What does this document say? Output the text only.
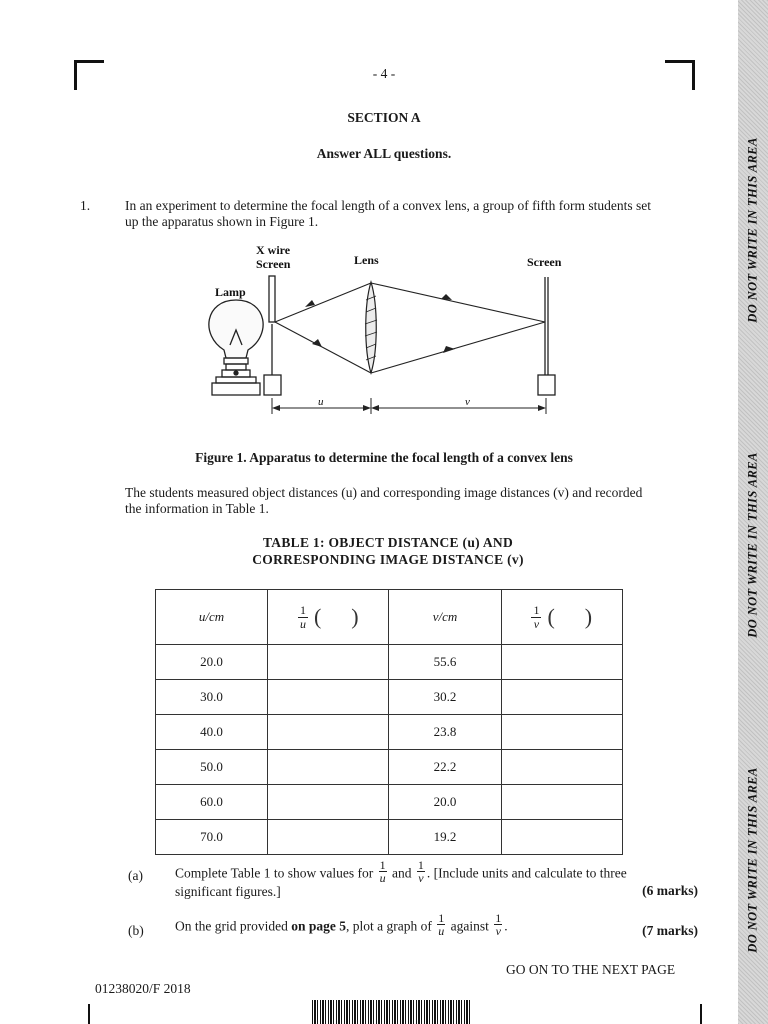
- 4 -
SECTION A
Answer ALL questions.
1.	In an experiment to determine the focal length of a convex lens, a group of fifth form students set
up the apparatus shown in Figure 1.
X wire
Screen	Lens	Screen
Lamp
u	v
Figure 1. Apparatus to determine the focal length of a convex lens
The students measured object distances (u) and corresponding image distances (v) and recorded
the information in Table 1.
TABLE 1: OBJECT DISTANCE (u) AND
CORRESPONDING IMAGE DISTANCE (v)
u/cm	$\frac{1}{u}$ ( )	v/cm	$\frac{1}{v}$ ( )
20.0		55.6	
30.0		30.2	
40.0		23.8	
50.0		22.2	
60.0		20.0	
70.0		19.2	
(a) Complete Table 1 to show values for $\frac{1}{u}$ and $\frac{1}{v}$ . [Include units and calculate to three
significant figures.]	(6 marks)
(b) On the grid provided on page 5, plot a graph of $\frac{1}{u}$ against $\frac{1}{v}$ .	(7 marks)
GO ON TO THE NEXT PAGE
01238020/F 2018
DO NOT WRITE IN THIS AREA
DO NOT WRITE IN THIS AREA
DO NOT WRITE IN THIS AREA
